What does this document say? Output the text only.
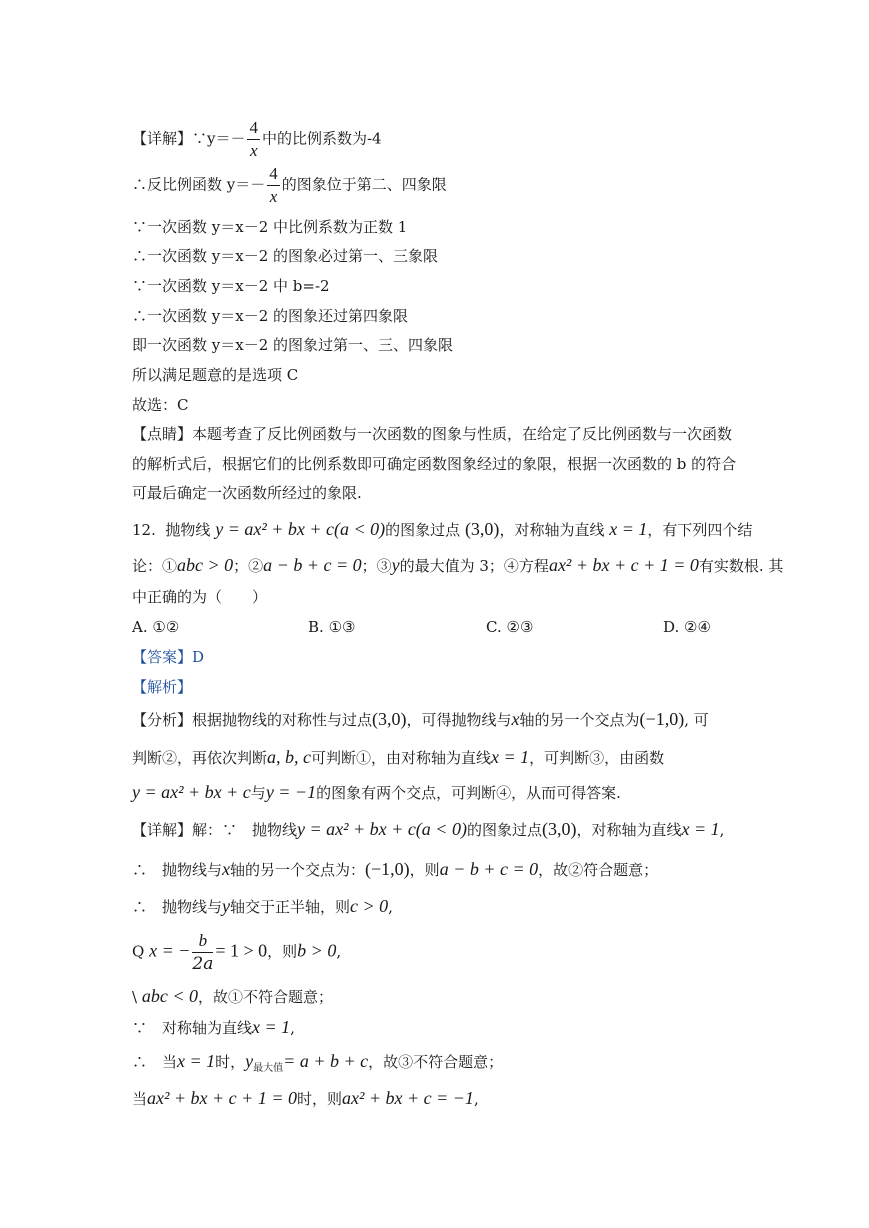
【详解】∵y＝－ $\frac{4}{x}$ 中的比例系数为-4
∴反比例函数 $y=- \frac{4}{x}$ 的图象位于第二、四象限
∵一次函数 y＝x－2 中比例系数为正数 1
∴一次函数 y＝x－2 的图象必过第一、三象限
∵一次函数 y＝x－2 中 b=-2
∴一次函数 y＝x－2 的图象还过第四象限
即一次函数 y＝x－2 的图象过第一、三、四象限
所以满足题意的是选项 C
故选：C
【点睛】本题考查了反比例函数与一次函数的图象与性质，在给定了反比例函数与一次函数
的解析式后，根据它们的比例系数即可确定函数图象经过的象限，根据一次函数的 b 的符合
可最后确定一次函数所经过的象限.
12. 抛物线 y = ax² + bx + c(a < 0)的图象过点 (3,0)，对称轴为直线 x = 1，有下列四个结
论：①abc > 0；②a − b + c = 0；③y的最大值为 3；④方程ax² + bx + c + 1 = 0有实数根. 其
中正确的为（　　）
A. ①②	B. ①③	C. ②③	D. ②④
【答案】D
【解析】
【分析】根据抛物线的对称性与过点(3,0)，可得抛物线与x轴的另一个交点为(−1,0), 可
判断②，再依次判断a, b, c可判断①，由对称轴为直线x = 1，可判断③，由函数
y = ax² + bx + c与y = −1的图象有两个交点，可判断④，从而可得答案.
【详解】解：∵　抛物线y = ax² + bx + c(a < 0)的图象过点(3,0)，对称轴为直线x = 1,
∴　抛物线与x轴的另一个交点为：(−1,0)，则a − b + c = 0，故②符合题意；
∴　抛物线与y轴交于正半轴，则c > 0,
Q x = − $\frac{b}{2a} = 1 > 0$，则b > 0,
\ abc < 0，故①不符合题意；
∵　对称轴为直线x = 1,
∴　当x = 1时，$y_{最大值}= a + b + c$，故③不符合题意；
当ax² + bx + c + 1 = 0时，则ax² + bx + c = −1,
